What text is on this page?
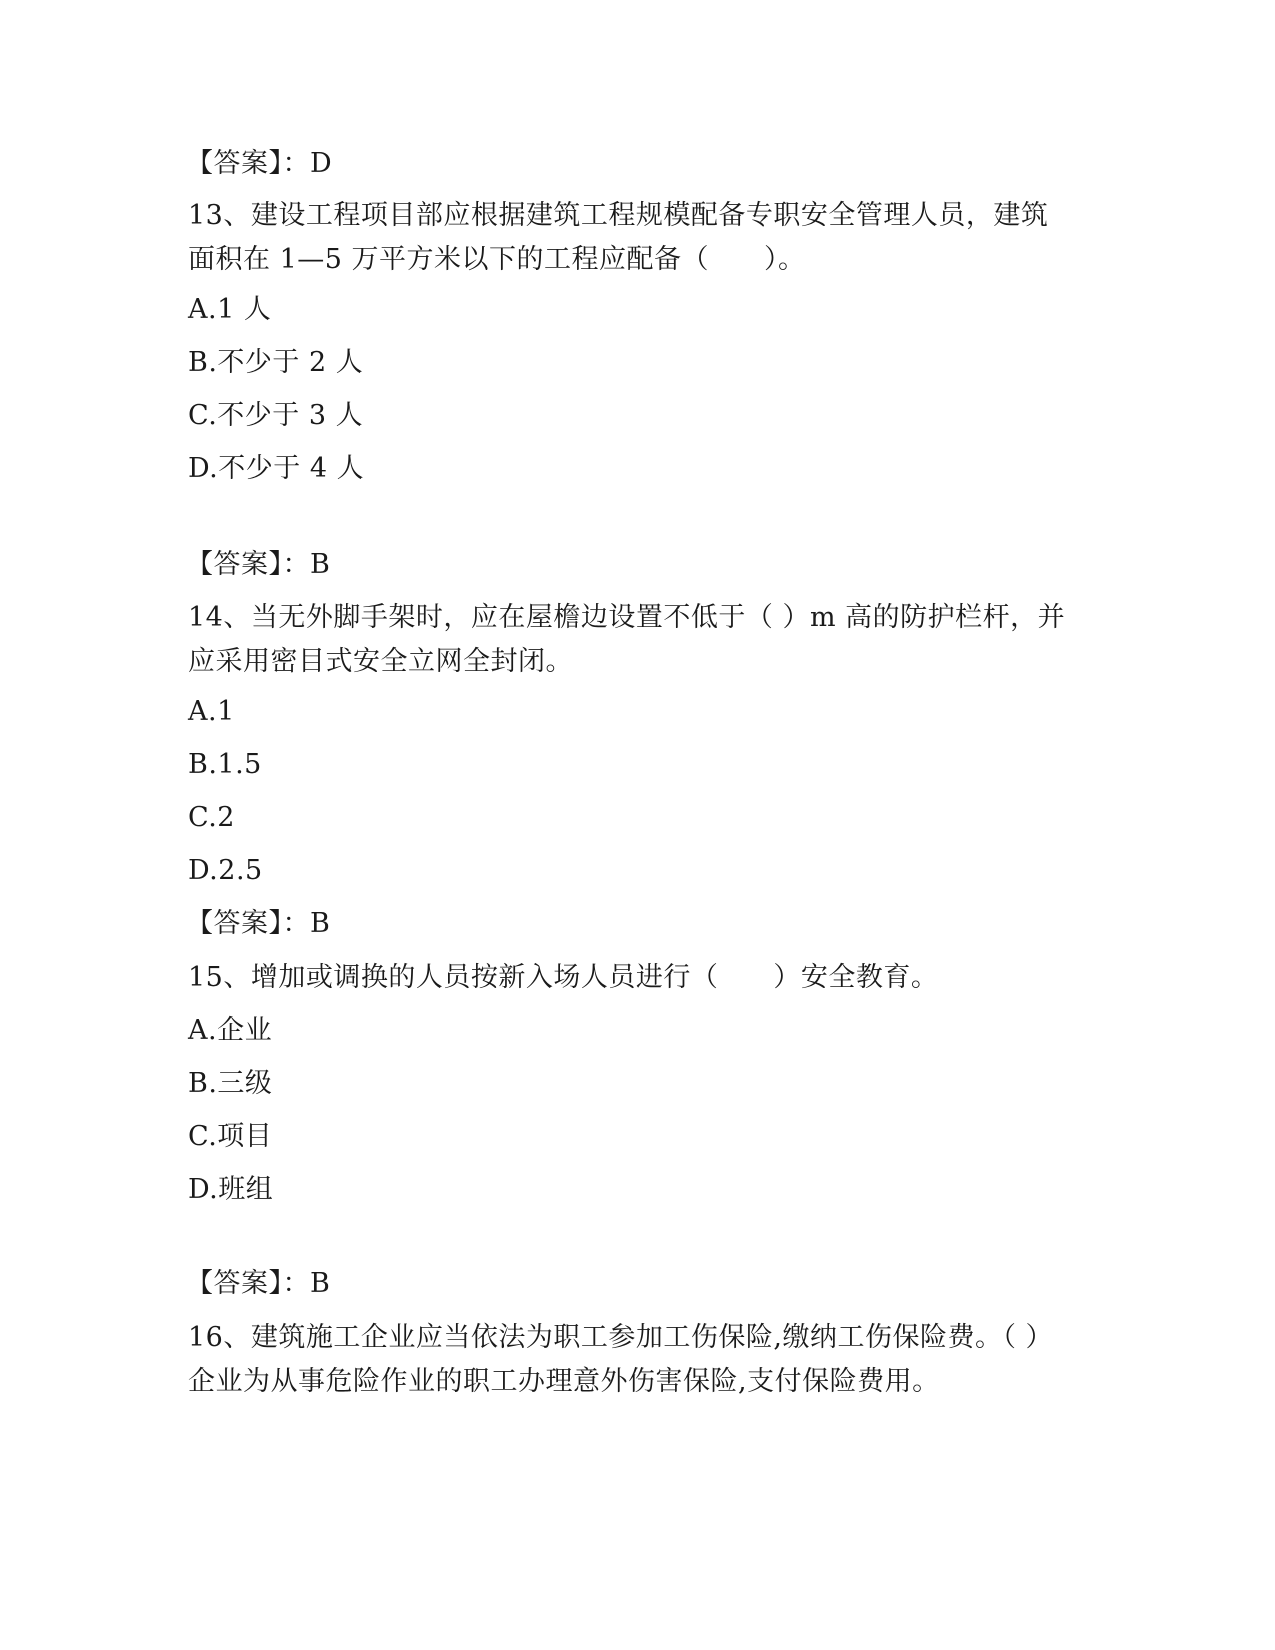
【答案】：D
13、建设工程项目部应根据建筑工程规模配备专职安全管理人员，建筑面积在 1—5 万平方米以下的工程应配备（　　）。
A.1 人
B.不少于 2 人
C.不少于 3 人
D.不少于 4 人
【答案】：B
14、当无外脚手架时，应在屋檐边设置不低于（ ）m 高的防护栏杆，并应采用密目式安全立网全封闭。
A.1
B.1.5
C.2
D.2.5
【答案】：B
15、增加或调换的人员按新入场人员进行（　　）安全教育。
A.企业
B.三级
C.项目
D.班组
【答案】：B
16、建筑施工企业应当依法为职工参加工伤保险,缴纳工伤保险费。（ ）企业为从事危险作业的职工办理意外伤害保险,支付保险费用。
